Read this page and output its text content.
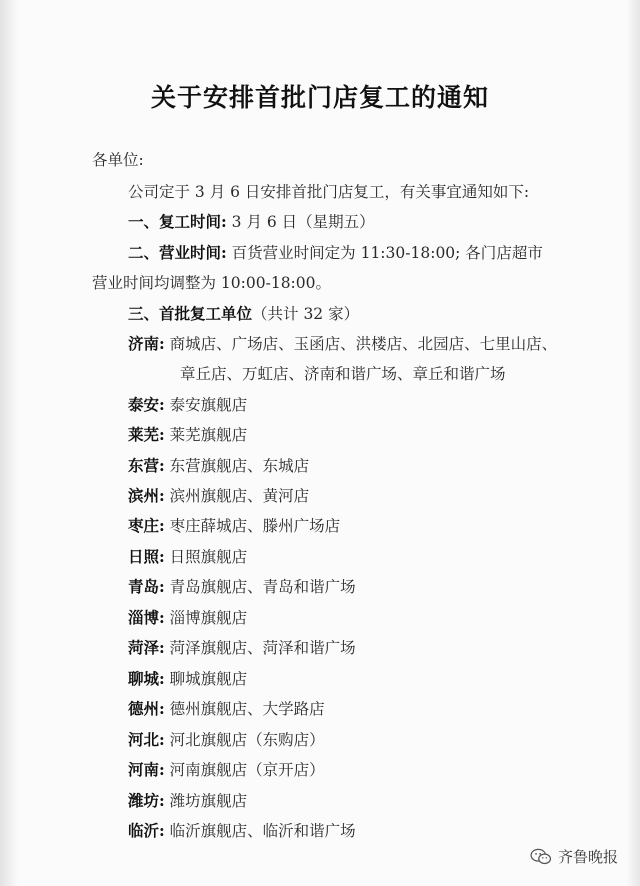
关于安排首批门店复工的通知
各单位:
公司定于 3 月 6 日安排首批门店复工，有关事宜通知如下:
一、复工时间: 3 月 6 日（星期五）
二、营业时间: 百货营业时间定为 11:30-18:00; 各门店超市
营业时间均调整为 10:00-18:00。
三、首批复工单位（共计 32 家）
济南: 商城店、广场店、玉函店、洪楼店、北园店、七里山店、
章丘店、万虹店、济南和谐广场、章丘和谐广场
泰安: 泰安旗舰店
莱芜: 莱芜旗舰店
东营: 东营旗舰店、东城店
滨州: 滨州旗舰店、黄河店
枣庄: 枣庄薛城店、滕州广场店
日照: 日照旗舰店
青岛: 青岛旗舰店、青岛和谐广场
淄博: 淄博旗舰店
菏泽: 菏泽旗舰店、菏泽和谐广场
聊城: 聊城旗舰店
德州: 德州旗舰店、大学路店
河北: 河北旗舰店（东购店）
河南: 河南旗舰店（京开店）
潍坊: 潍坊旗舰店
临沂: 临沂旗舰店、临沂和谐广场
齐鲁晚报
